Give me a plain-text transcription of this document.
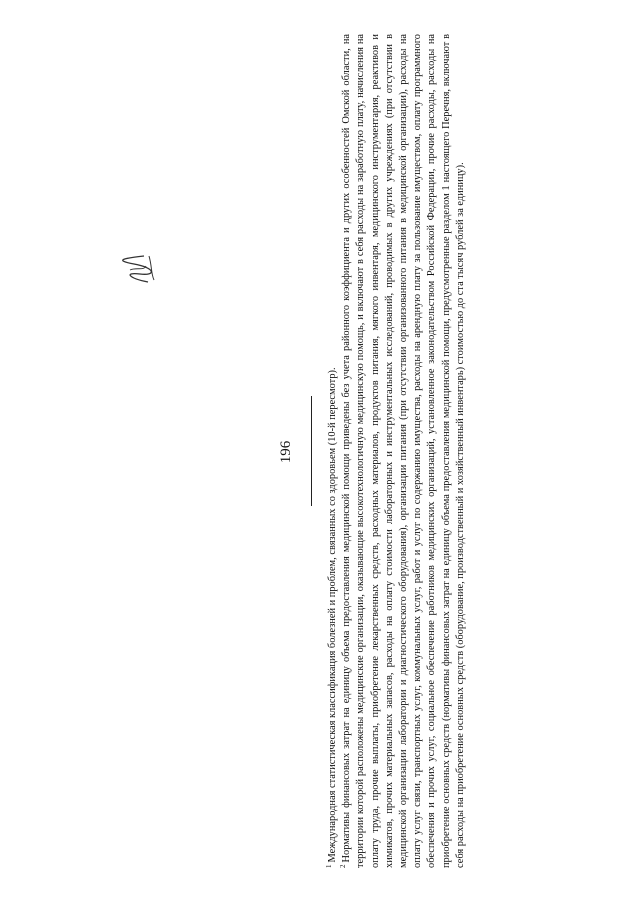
196

$^1$Международная статистическая классификация болезней и проблем, связанных со здоровьем (10-й пересмотр).

$^2$Нормативы финансовых затрат на единицу объема предоставления медицинской помощи приведены без учета районного коэффициента и других особенностей Омской области, на территории которой расположены медицинские организации, оказывающие высокотехнологичную медицинскую помощь, и включают в себя расходы на заработную плату, начисления на оплату труда, прочие выплаты, приобретение лекарственных средств, расходных материалов, продуктов питания, мягкого инвентаря, медицинского инструментария, реактивов и химикатов, прочих материальных запасов, расходы на оплату стоимости лабораторных и инструментальных исследований, проводимых в других учреждениях (при отсутствии в медицинской организации лаборатории и диагностического оборудования), организации питания (при отсутствии организованного питания в медицинской организации), расходы на оплату услуг связи, транспортных услуг, коммунальных услуг, работ и услуг по содержанию имущества, расходы на арендную плату за пользование имуществом, оплату программного обеспечения и прочих услуг, социальное обеспечение работников медицинских организаций, установленное законодательством Российской Федерации, прочие расходы, расходы на приобретение основных средств (нормативы финансовых затрат на единицу объема предоставления медицинской помощи, предусмотренные разделом 1 настоящего Перечня, включают в себя расходы на приобретение основных средств (оборудование, производственный и хозяйственный инвентарь) стоимостью до ста тысяч рублей за единицу).
